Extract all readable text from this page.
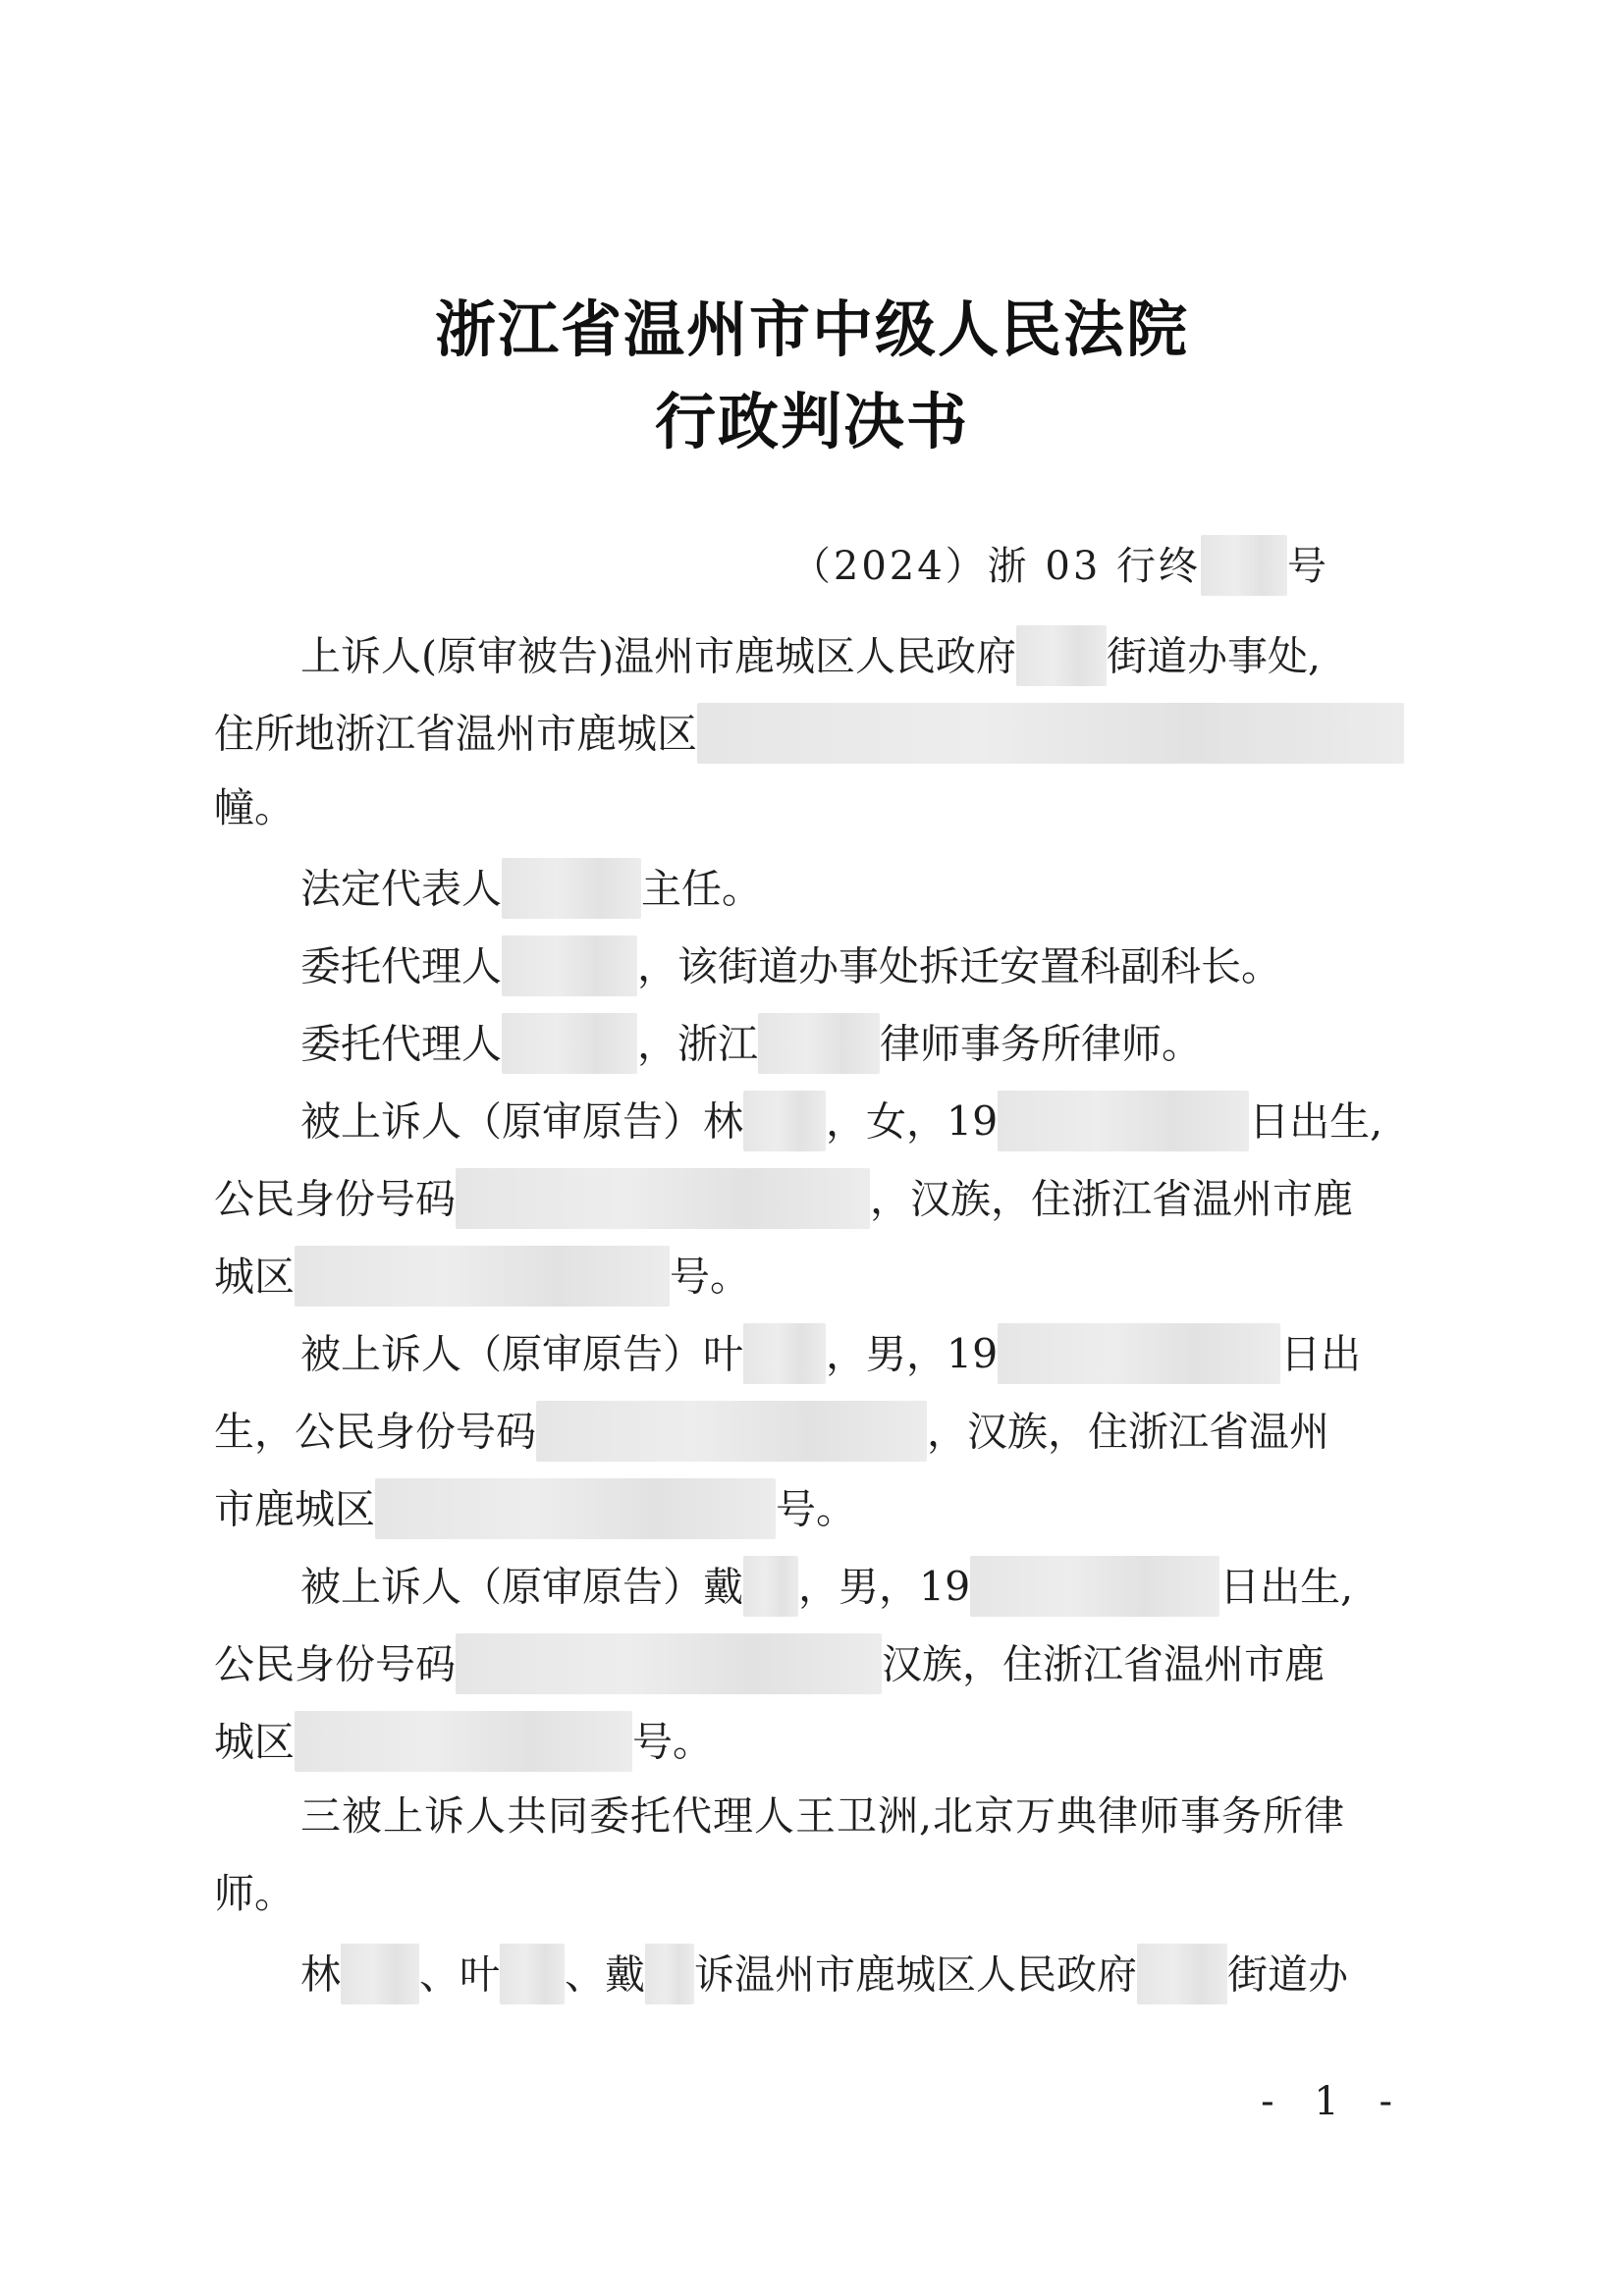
浙江省温州市中级人民法院
行政判决书
（2024）浙 03 行终 号
上诉人(原审被告)温州市鹿城区人民政府 街道办事处,
住所地浙江省温州市鹿城区
幢。
法定代表人	主任。
委托代理人	，该街道办事处拆迁安置科副科长。
委托代理人	，浙江	律师事务所律师。
被上诉人（原审原告）林 ，女，19	日出生,
公民身份号码	，汉族，住浙江省温州市鹿
城区	号。
被上诉人（原审原告）叶 ，男，19	日出
生，公民身份号码	，汉族，住浙江省温州
市鹿城区	号。
被上诉人（原审原告）戴 ，男，19	日出生,
公民身份号码	汉族，住浙江省温州市鹿
城区	号。
三被上诉人共同委托代理人王卫洲,北京万典律师事务所律
师。
林 、叶 、戴 诉温州市鹿城区人民政府 街道办
- 1 -
